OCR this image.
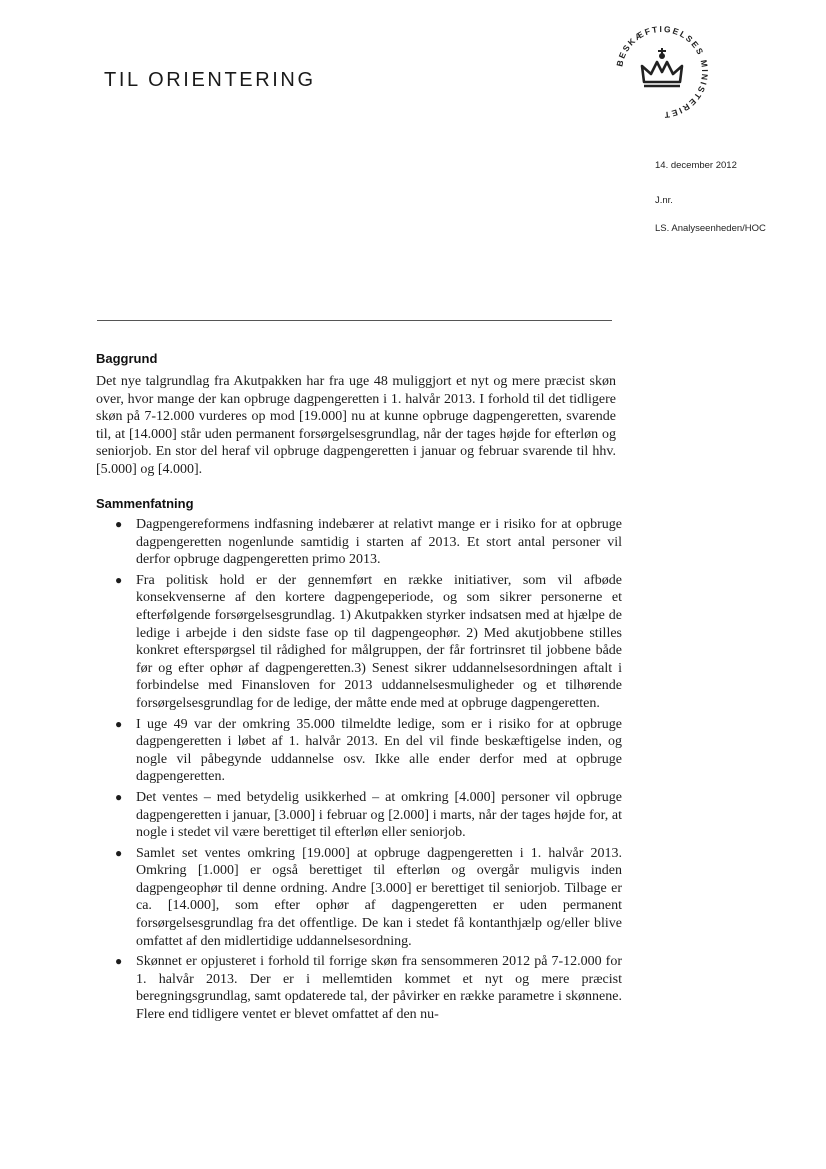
TIL ORIENTERING
BESKÆFTIGELSES MINISTERIET
14. december 2012
J.nr.
LS. Analyseenheden/HOC
Baggrund

Det nye talgrundlag fra Akutpakken har fra uge 48 muliggjort et nyt og mere præcist skøn over, hvor mange der kan opbruge dagpengeretten i 1. halvår 2013. I forhold til det tidligere skøn på 7-12.000 vurderes op mod [19.000] nu at kunne opbruge dagpengeretten, svarende til, at [14.000] står uden permanent forsørgelsesgrundlag, når der tages højde for efterløn og seniorjob. En stor del heraf vil opbruge dagpengeretten i januar og februar svarende til hhv. [5.000] og [4.000].

Sammenfatning
● Dagpengereformens indfasning indebærer at relativt mange er i risiko for at opbruge dagpengeretten nogenlunde samtidig i starten af 2013. Et stort antal personer vil derfor opbruge dagpengeretten primo 2013.
● Fra politisk hold er der gennemført en række initiativer, som vil afbøde konsekvenserne af den kortere dagpengeperiode, og som sikrer personerne et efterfølgende forsørgelsesgrundlag. 1) Akutpakken styrker indsatsen med at hjælpe de ledige i arbejde i den sidste fase op til dagpengeophør. 2) Med akutjobbene stilles konkret efterspørgsel til rådighed for målgruppen, der får fortrinsret til jobbene både før og efter ophør af dagpengeretten.3) Senest sikrer uddannelsesordningen aftalt i forbindelse med Finansloven for 2013 uddannelsesmuligheder og et tilhørende forsørgelsesgrundlag for de ledige, der måtte ende med at opbruge dagpengeretten.
● I uge 49 var der omkring 35.000 tilmeldte ledige, som er i risiko for at opbruge dagpengeretten i løbet af 1. halvår 2013. En del vil finde beskæftigelse inden, og nogle vil påbegynde uddannelse osv. Ikke alle ender derfor med at opbruge dagpengeretten.
● Det ventes – med betydelig usikkerhed – at omkring [4.000] personer vil opbruge dagpengeretten i januar, [3.000] i februar og [2.000] i marts, når der tages højde for, at nogle i stedet vil være berettiget til efterløn eller seniorjob.
● Samlet set ventes omkring [19.000] at opbruge dagpengeretten i 1. halvår 2013. Omkring [1.000] er også berettiget til efterløn og overgår muligvis inden dagpengeophør til denne ordning. Andre [3.000] er berettiget til seniorjob. Tilbage er ca. [14.000], som efter ophør af dagpengeretten er uden permanent forsørgelsesgrundlag fra det offentlige. De kan i stedet få kontanthjælp og/eller blive omfattet af den midlertidige uddannelsesordning.
● Skønnet er opjusteret i forhold til forrige skøn fra sensommeren 2012 på 7-12.000 for 1. halvår 2013. Der er i mellemtiden kommet et nyt og mere præcist beregningsgrundlag, samt opdaterede tal, der påvirker en række parametre i skønnene. Flere end tidligere ventet er blevet omfattet af den nu-
